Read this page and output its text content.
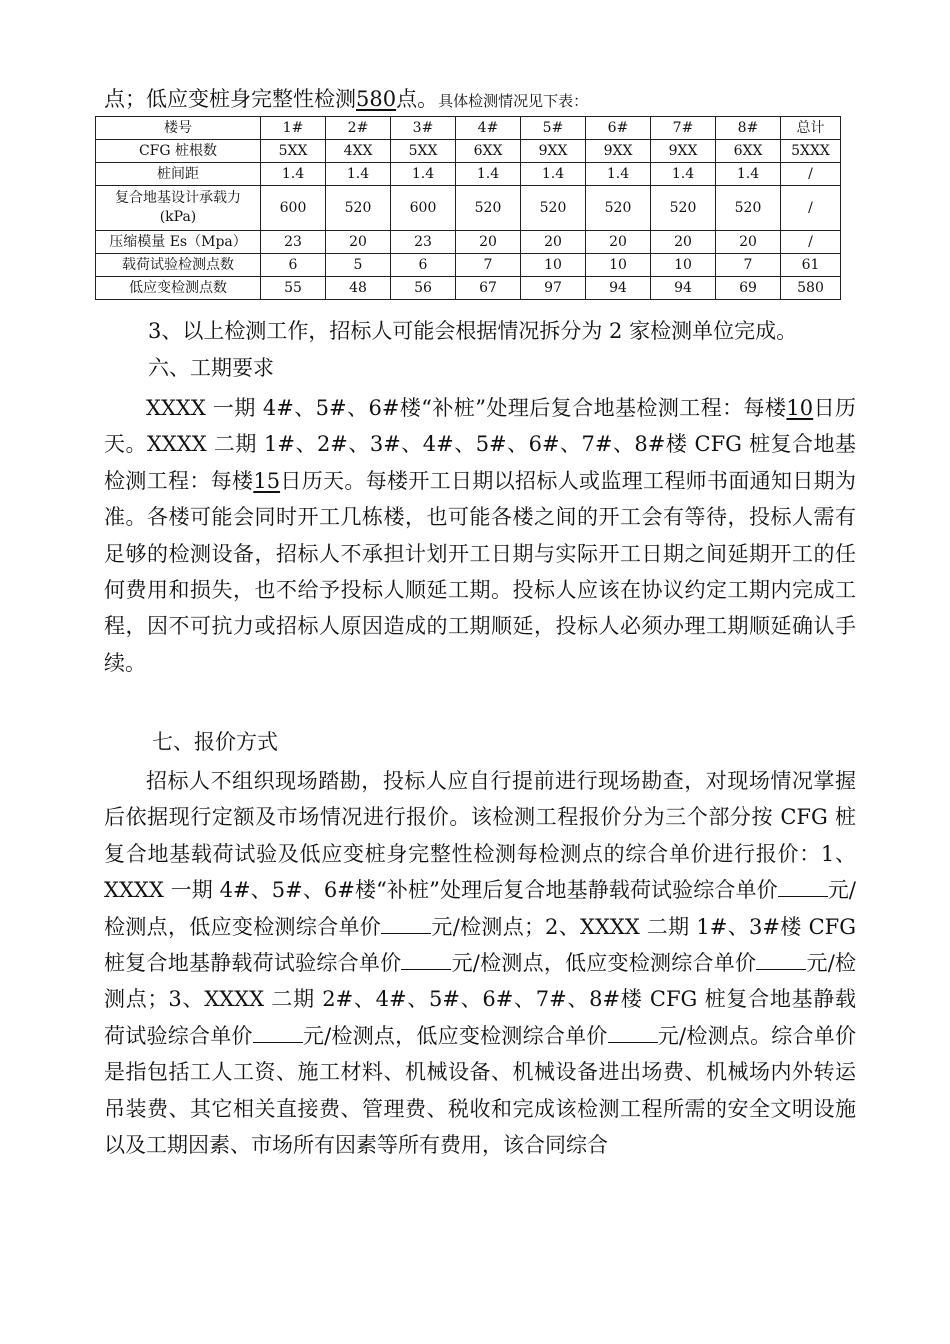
点；低应变桩身完整性检测580点。具体检测情况见下表：
楼号	1#	2#	3#	4#	5#	6#	7#	8#	总计
CFG 桩根数	5XX	4XX	5XX	6XX	9XX	9XX	9XX	6XX	5XXX
桩间距	1.4	1.4	1.4	1.4	1.4	1.4	1.4	1.4	/
复合地基设计承载力 (kPa)	600	520	600	520	520	520	520	520	/
压缩模量 Es（Mpa）	23	20	23	20	20	20	20	20	/
载荷试验检测点数	6	5	6	7	10	10	10	7	61
低应变检测点数	55	48	56	67	97	94	94	69	580
3、以上检测工作，招标人可能会根据情况拆分为 2 家检测单位完成。
六、工期要求
XXXX 一期 4#、5#、6#楼“补桩”处理后复合地基检测工程：每楼10日历天。XXXX 二期 1#、2#、3#、4#、5#、6#、7#、8#楼 CFG 桩复合地基检测工程：每楼15日历天。每楼开工日期以招标人或监理工程师书面通知日期为准。各楼可能会同时开工几栋楼，也可能各楼之间的开工会有等待，投标人需有足够的检测设备，招标人不承担计划开工日期与实际开工日期之间延期开工的任何费用和损失，也不给予投标人顺延工期。投标人应该在协议约定工期内完成工程，因不可抗力或招标人原因造成的工期顺延，投标人必须办理工期顺延确认手续。
七、报价方式
招标人不组织现场踏勘，投标人应自行提前进行现场勘查，对现场情况掌握后依据现行定额及市场情况进行报价。该检测工程报价分为三个部分按 CFG 桩复合地基载荷试验及低应变桩身完整性检测每检测点的综合单价进行报价：1、XXXX 一期 4#、5#、6#楼“补桩”处理后复合地基静载荷试验综合单价 元/检测点，低应变检测综合单价 元/检测点；2、XXXX 二期 1#、3#楼 CFG 桩复合地基静载荷试验综合单价 元/检测点，低应变检测综合单价 元/检测点；3、XXXX 二期 2#、4#、5#、6#、7#、8#楼 CFG 桩复合地基静载荷试验综合单价 元/检测点，低应变检测综合单价 元/检测点。综合单价是指包括工人工资、施工材料、机械设备、机械设备进出场费、机械场内外转运吊装费、其它相关直接费、管理费、税收和完成该检测工程所需的安全文明设施以及工期因素、市场所有因素等所有费用，该合同综合
